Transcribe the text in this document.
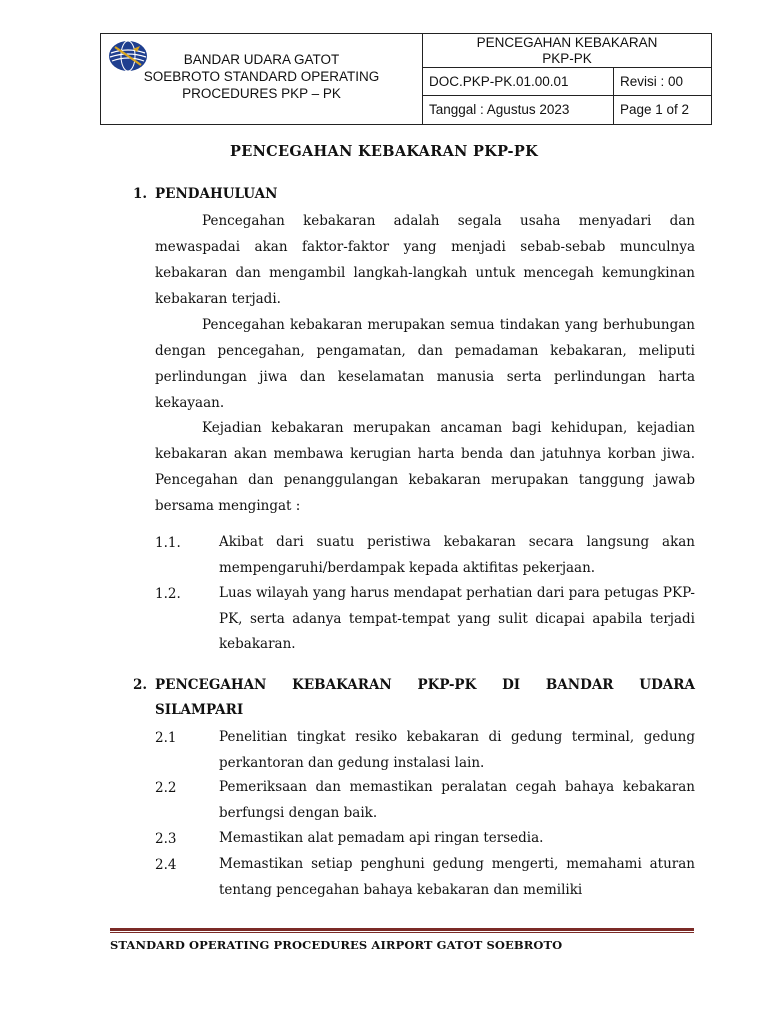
BANDAR UDARA GATOT
SOEBROTO STANDARD OPERATING
PROCEDURES PKP – PK
PENCEGAHAN KEBAKARAN
PKP-PK
DOC.PKP-PK.01.00.01	Revisi : 00
Tanggal : Agustus 2023	Page 1 of 2
PENCEGAHAN KEBAKARAN PKP-PK
1. PENDAHULUAN
Pencegahan kebakaran adalah segala usaha menyadari dan mewaspadai akan faktor-faktor yang menjadi sebab-sebab munculnya kebakaran dan mengambil langkah-langkah untuk mencegah kemungkinan kebakaran terjadi.
Pencegahan kebakaran merupakan semua tindakan yang berhubungan dengan pencegahan, pengamatan, dan pemadaman kebakaran, meliputi perlindungan jiwa dan keselamatan manusia serta perlindungan harta kekayaan.
Kejadian kebakaran merupakan ancaman bagi kehidupan, kejadian kebakaran akan membawa kerugian harta benda dan jatuhnya korban jiwa. Pencegahan dan penanggulangan kebakaran merupakan tanggung jawab bersama mengingat :
1.1.	Akibat dari suatu peristiwa kebakaran secara langsung akan mempengaruhi/berdampak kepada aktifitas pekerjaan.
1.2.	Luas wilayah yang harus mendapat perhatian dari para petugas PKP-PK, serta adanya tempat-tempat yang sulit dicapai apabila terjadi kebakaran.
2. PENCEGAHAN KEBAKARAN PKP-PK DI BANDAR UDARA
SILAMPARI
2.1	Penelitian tingkat resiko kebakaran di gedung terminal, gedung perkantoran dan gedung instalasi lain.
2.2	Pemeriksaan dan memastikan peralatan cegah bahaya kebakaran berfungsi dengan baik.
2.3	Memastikan alat pemadam api ringan tersedia.
2.4	Memastikan setiap penghuni gedung mengerti, memahami aturan tentang pencegahan bahaya kebakaran dan memiliki
STANDARD OPERATING PROCEDURES AIRPORT GATOT SOEBROTO
